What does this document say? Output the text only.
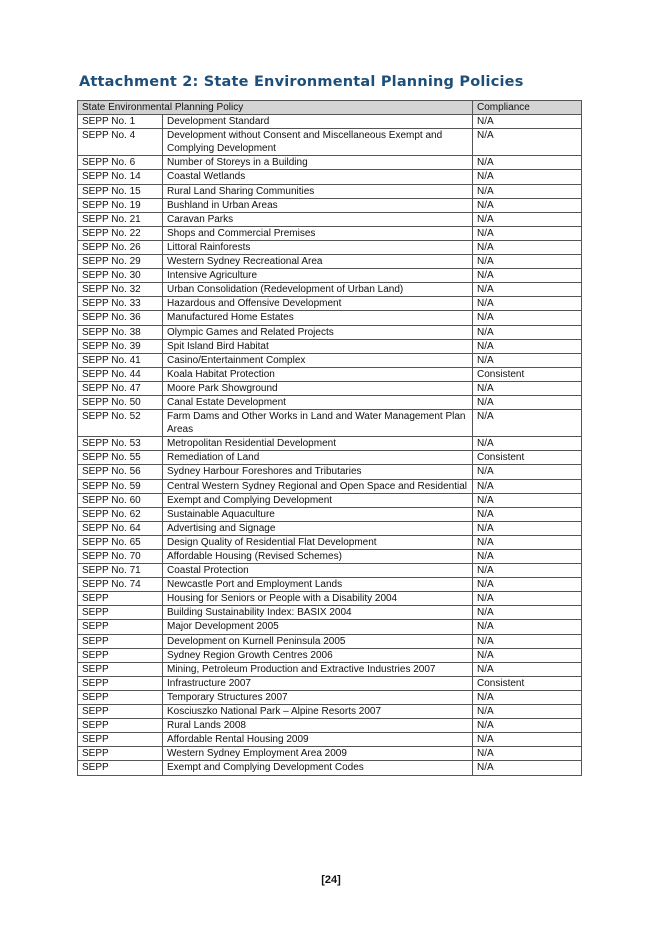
Attachment 2: State Environmental Planning Policies
State Environmental Planning Policy		Compliance
SEPP No. 1	Development Standard	N/A
SEPP No. 4	Development without Consent and Miscellaneous Exempt and Complying Development	N/A
SEPP No. 6	Number of Storeys in a Building	N/A
SEPP No. 14	Coastal Wetlands	N/A
SEPP No. 15	Rural Land Sharing Communities	N/A
SEPP No. 19	Bushland in Urban Areas	N/A
SEPP No. 21	Caravan Parks	N/A
SEPP No. 22	Shops and Commercial Premises	N/A
SEPP No. 26	Littoral Rainforests	N/A
SEPP No. 29	Western Sydney Recreational Area	N/A
SEPP No. 30	Intensive Agriculture	N/A
SEPP No. 32	Urban Consolidation (Redevelopment of Urban Land)	N/A
SEPP No. 33	Hazardous and Offensive Development	N/A
SEPP No. 36	Manufactured Home Estates	N/A
SEPP No. 38	Olympic Games and Related Projects	N/A
SEPP No. 39	Spit Island Bird Habitat	N/A
SEPP No. 41	Casino/Entertainment Complex	N/A
SEPP No. 44	Koala Habitat Protection	Consistent
SEPP No. 47	Moore Park Showground	N/A
SEPP No. 50	Canal Estate Development	N/A
SEPP No. 52	Farm Dams and Other Works in Land and Water Management Plan Areas	N/A
SEPP No. 53	Metropolitan Residential Development	N/A
SEPP No. 55	Remediation of Land	Consistent
SEPP No. 56	Sydney Harbour Foreshores and Tributaries	N/A
SEPP No. 59	Central Western Sydney Regional and Open Space and Residential	N/A
SEPP No. 60	Exempt and Complying Development	N/A
SEPP No. 62	Sustainable Aquaculture	N/A
SEPP No. 64	Advertising and Signage	N/A
SEPP No. 65	Design Quality of Residential Flat Development	N/A
SEPP No. 70	Affordable Housing (Revised Schemes)	N/A
SEPP No. 71	Coastal Protection	N/A
SEPP No. 74	Newcastle Port and Employment Lands	N/A
SEPP	Housing for Seniors or People with a Disability 2004	N/A
SEPP	Building Sustainability Index: BASIX 2004	N/A
SEPP	Major Development 2005	N/A
SEPP	Development on Kurnell Peninsula 2005	N/A
SEPP	Sydney Region Growth Centres 2006	N/A
SEPP	Mining, Petroleum Production and Extractive Industries 2007	N/A
SEPP	Infrastructure 2007	Consistent
SEPP	Temporary Structures 2007	N/A
SEPP	Kosciuszko National Park – Alpine Resorts 2007	N/A
SEPP	Rural Lands 2008	N/A
SEPP	Affordable Rental Housing 2009	N/A
SEPP	Western Sydney Employment Area 2009	N/A
SEPP	Exempt and Complying Development Codes	N/A
[24]
